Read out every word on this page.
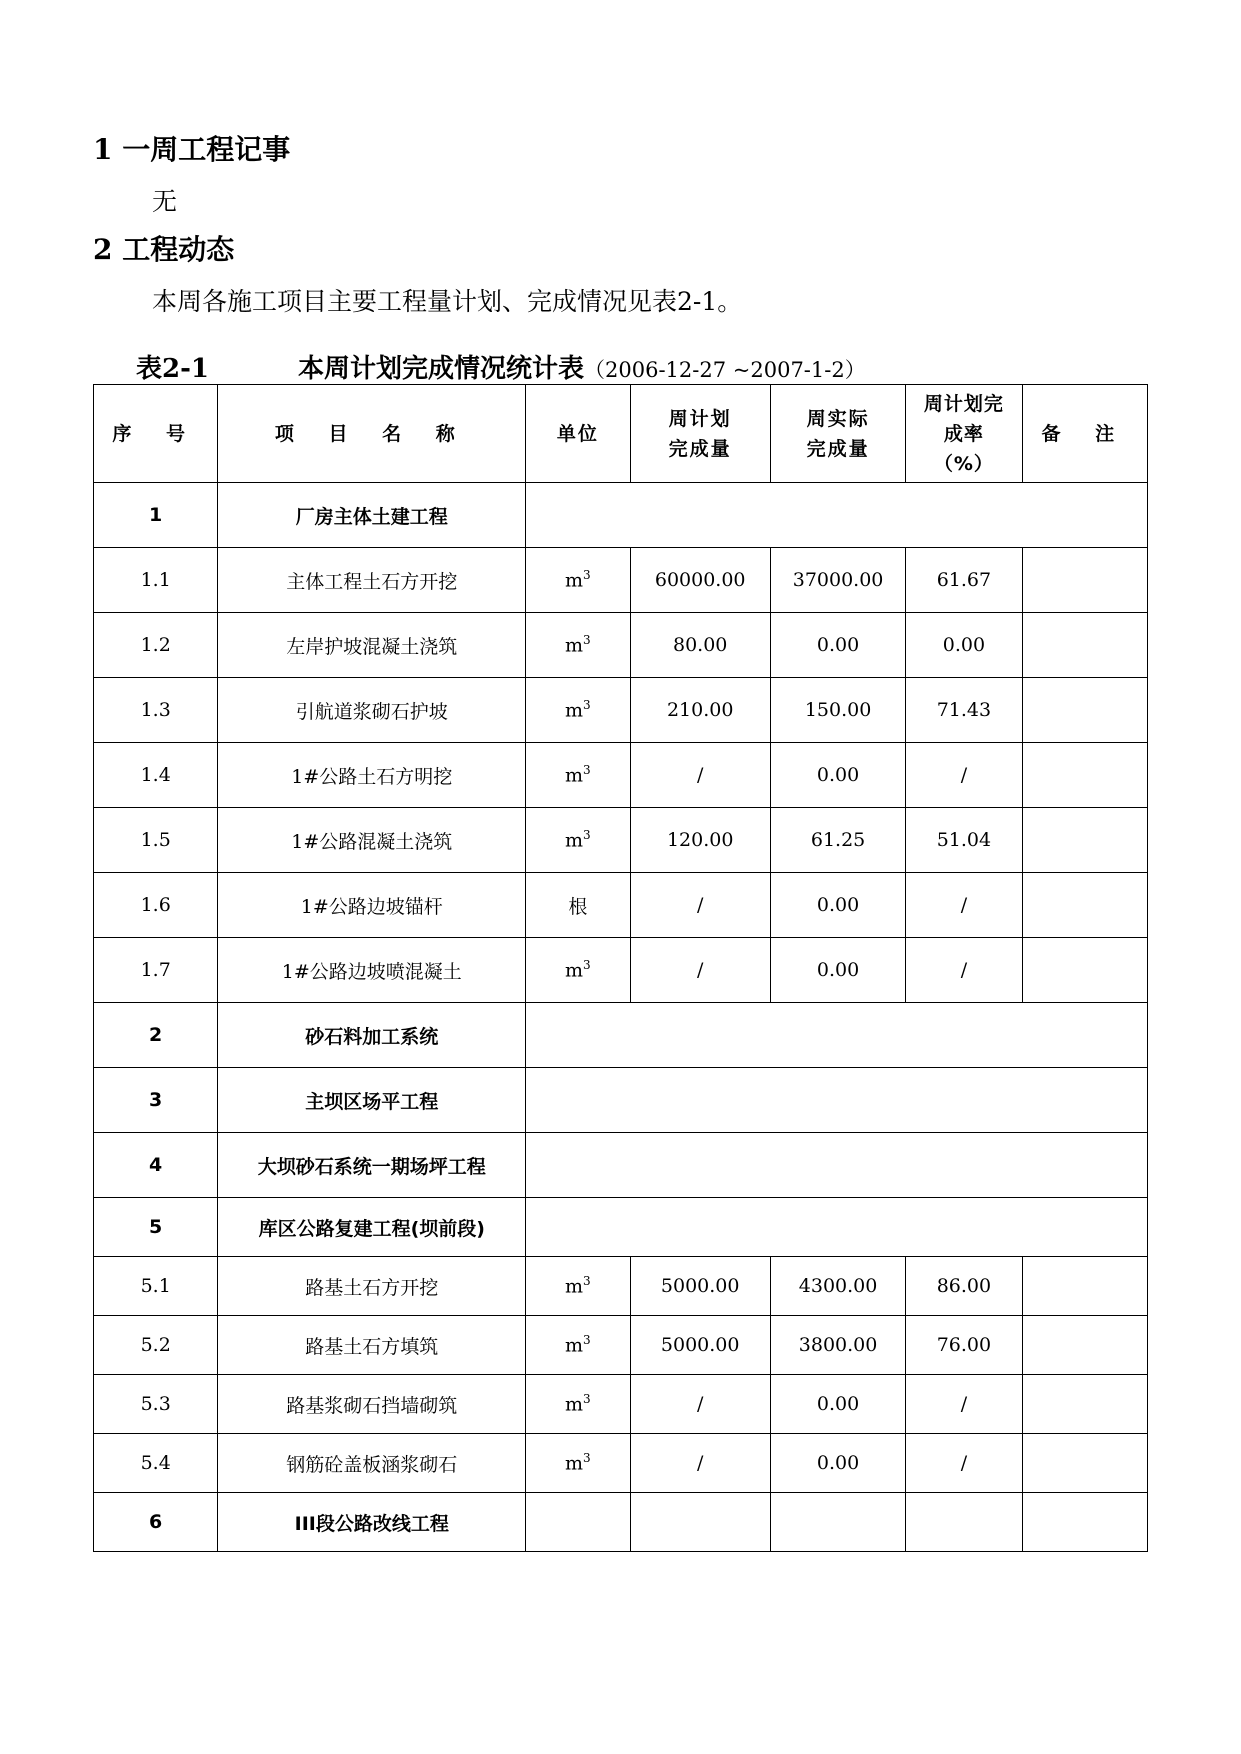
1 一周工程记事

无

2 工程动态

本周各施工项目主要工程量计划、完成情况见表2-1。

表2-1	本周计划完成情况统计表（2006-12-27 ~2007-1-2）

序 号	项 目 名 称	单位	周计划完成量	周实际完成量	周计划完成率（%）	备 注
1	厂房主体土建工程					
1.1	主体工程土石方开挖	$m^3$	60000.00	37000.00	61.67	
1.2	左岸护坡混凝土浇筑	$m^3$	80.00	0.00	0.00	
1.3	引航道浆砌石护坡	$m^3$	210.00	150.00	71.43	
1.4	1#公路土石方明挖	$m^3$	/	0.00	/	
1.5	1#公路混凝土浇筑	$m^3$	120.00	61.25	51.04	
1.6	1#公路边坡锚杆	根	/	0.00	/	
1.7	1#公路边坡喷混凝土	$m^3$	/	0.00	/	
2	砂石料加工系统					
3	主坝区场平工程					
4	大坝砂石系统一期场坪工程					
5	库区公路复建工程(坝前段)					
5.1	路基土石方开挖	$m^3$	5000.00	4300.00	86.00	
5.2	路基土石方填筑	$m^3$	5000.00	3800.00	76.00	
5.3	路基浆砌石挡墙砌筑	$m^3$	/	0.00	/	
5.4	钢筋砼盖板涵浆砌石	$m^3$	/	0.00	/	
6	III段公路改线工程					
